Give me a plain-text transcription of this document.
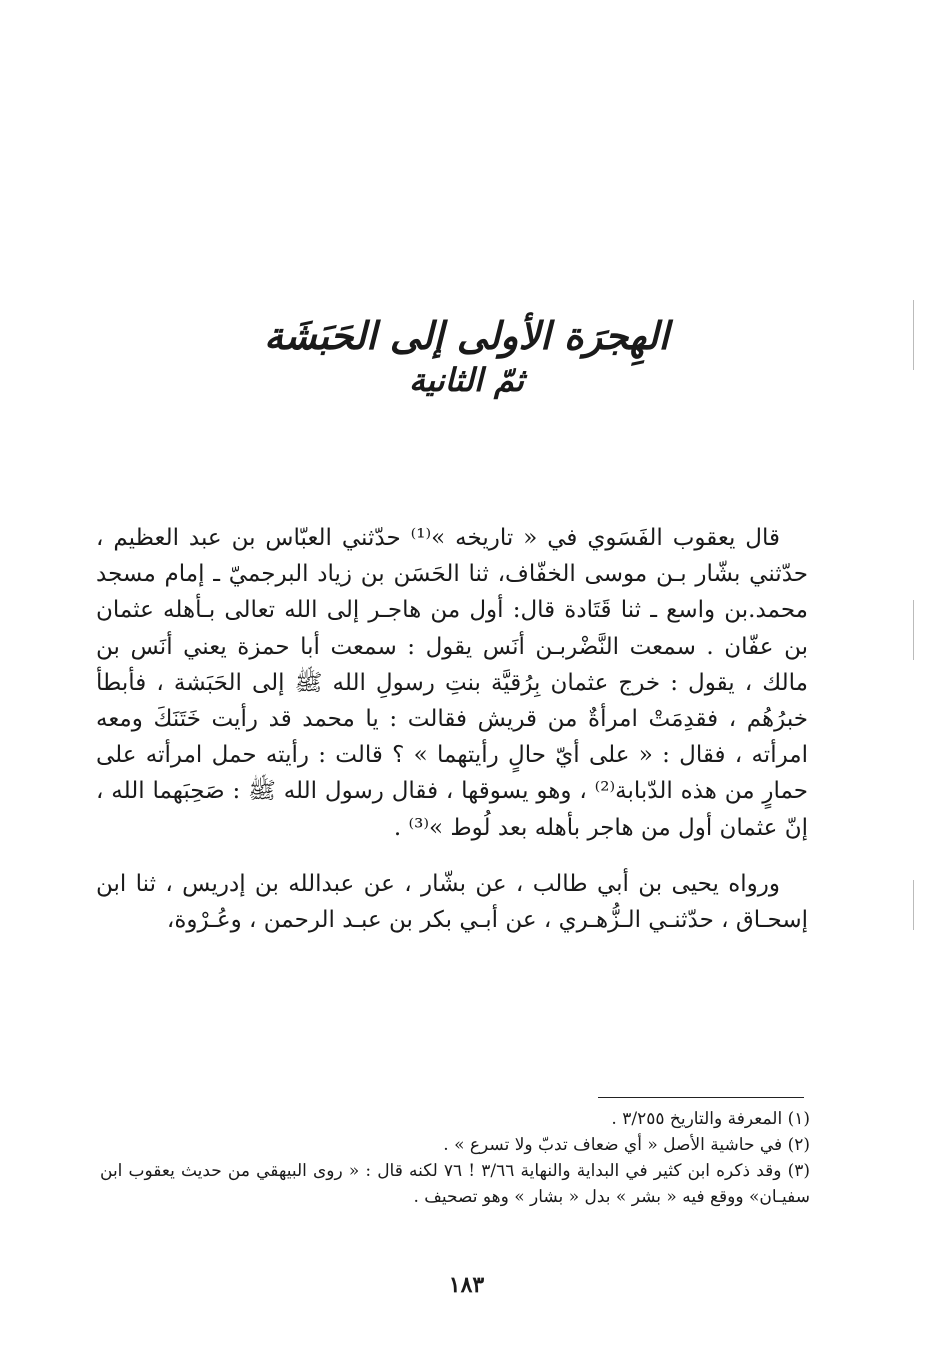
الهِجرَة الأولى إلى الحَبَشَة
ثمّ الثانية

قال يعقوب الفَسَوي في « تاريخه »⁽¹⁾ حدّثني العبّاس بن عبد العظيم ، حدّثني بشّار بـن موسى الخفّاف، ثنا الحَسَن بن زياد البرجميّ ـ إمام مسجد محمد.بن واسع ـ ثنا قَتَادة قال: أول من هاجـر إلى الله تعالى بـأهله عثمان بن عفّان . سمعت النَّضْربـن أنَس يقول : سمعت أبا حمزة يعني أنَس بن مالك ، يقول : خرج عثمان بِرُقيَّة بنتِ رسولِ الله ﷺ إلى الحَبَشة ، فأبطأ خبرُهُم ، فقدِمَتْ امرأةٌ من قريش فقالت : يا محمد قد رأيت خَتَنَكَ ومعه امرأته ، فقال : « على أيّ حالٍ رأيتهما » ؟ قالت : رأيته حمل امرأته على حمارٍ من هذه الدّبابة⁽²⁾ ، وهو يسوقها ، فقال رسول الله ﷺ : صَحِبَهما الله ، إنّ عثمان أول من هاجر بأهله بعد لُوط »⁽³⁾ .

ورواه يحيى بن أبي طالب ، عن بشّار ، عن عبدالله بن إدريس ، ثنا ابن إسحـاق ، حدّثنـي الـزُّهـري ، عن أبـي بكر بن عبـد الرحمن ، وعُـرْوة،

(١) المعرفة والتاريخ ٣/٢٥٥ .

(٢) في حاشية الأصل « أي ضعاف تدبّ ولا تسرع » .

(٣) وقد ذكره ابن كثير في البداية والنهاية ٣/٦٦ ! ٧٦ لكنه قال : « روى البيهقي من حديث يعقوب ابن سفيـان» ووقع فيه « بشر » بدل « بشار » وهو تصحيف .

١٨٣
